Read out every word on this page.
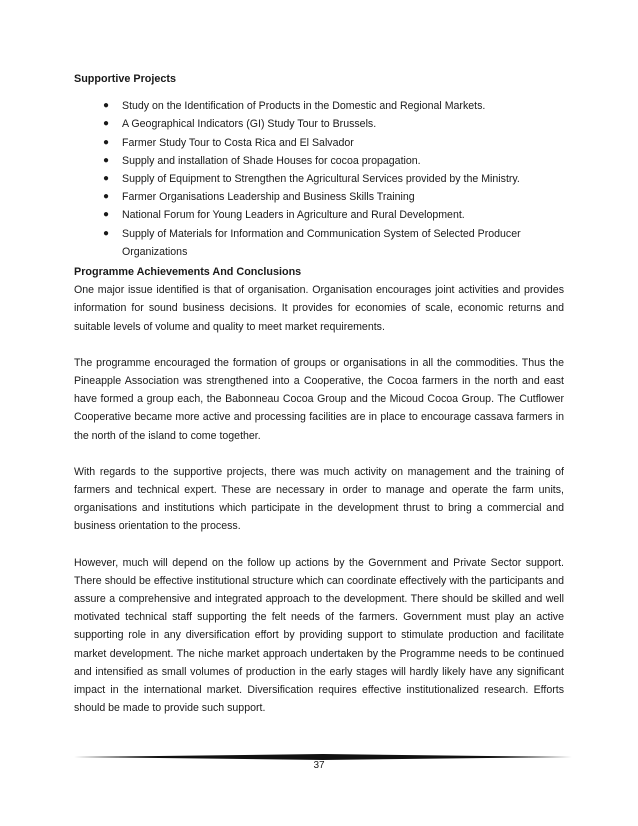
Supportive Projects

● Study on the Identification of Products in the Domestic and Regional Markets.
● A Geographical Indicators (GI) Study Tour to Brussels.
● Farmer Study Tour to Costa Rica and El Salvador
● Supply and installation of Shade Houses for cocoa propagation.
● Supply of Equipment to Strengthen the Agricultural Services provided by the Ministry.
● Farmer Organisations Leadership and Business Skills Training
● National Forum for Young Leaders in Agriculture and Rural Development.
● Supply of Materials for Information and Communication System of Selected Producer Organizations

Programme Achievements And Conclusions

One major issue identified is that of organisation. Organisation encourages joint activities and provides information for sound business decisions. It provides for economies of scale, economic returns and suitable levels of volume and quality to meet market requirements.

The programme encouraged the formation of groups or organisations in all the commodities. Thus the Pineapple Association was strengthened into a Cooperative, the Cocoa farmers in the north and east have formed a group each, the Babonneau Cocoa Group and the Micoud Cocoa Group. The Cutflower Cooperative became more active and processing facilities are in place to encourage cassava farmers in the north of the island to come together.

With regards to the supportive projects, there was much activity on management and the training of farmers and technical expert. These are necessary in order to manage and operate the farm units, organisations and institutions which participate in the development thrust to bring a commercial and business orientation to the process.

However, much will depend on the follow up actions by the Government and Private Sector support. There should be effective institutional structure which can coordinate effectively with the participants and assure a comprehensive and integrated approach to the development. There should be skilled and well motivated technical staff supporting the felt needs of the farmers. Government must play an active supporting role in any diversification effort by providing support to stimulate production and facilitate market development. The niche market approach undertaken by the Programme needs to be continued and intensified as small volumes of production in the early stages will hardly likely have any significant impact in the international market. Diversification requires effective institutionalized research. Efforts should be made to provide such support.

37
